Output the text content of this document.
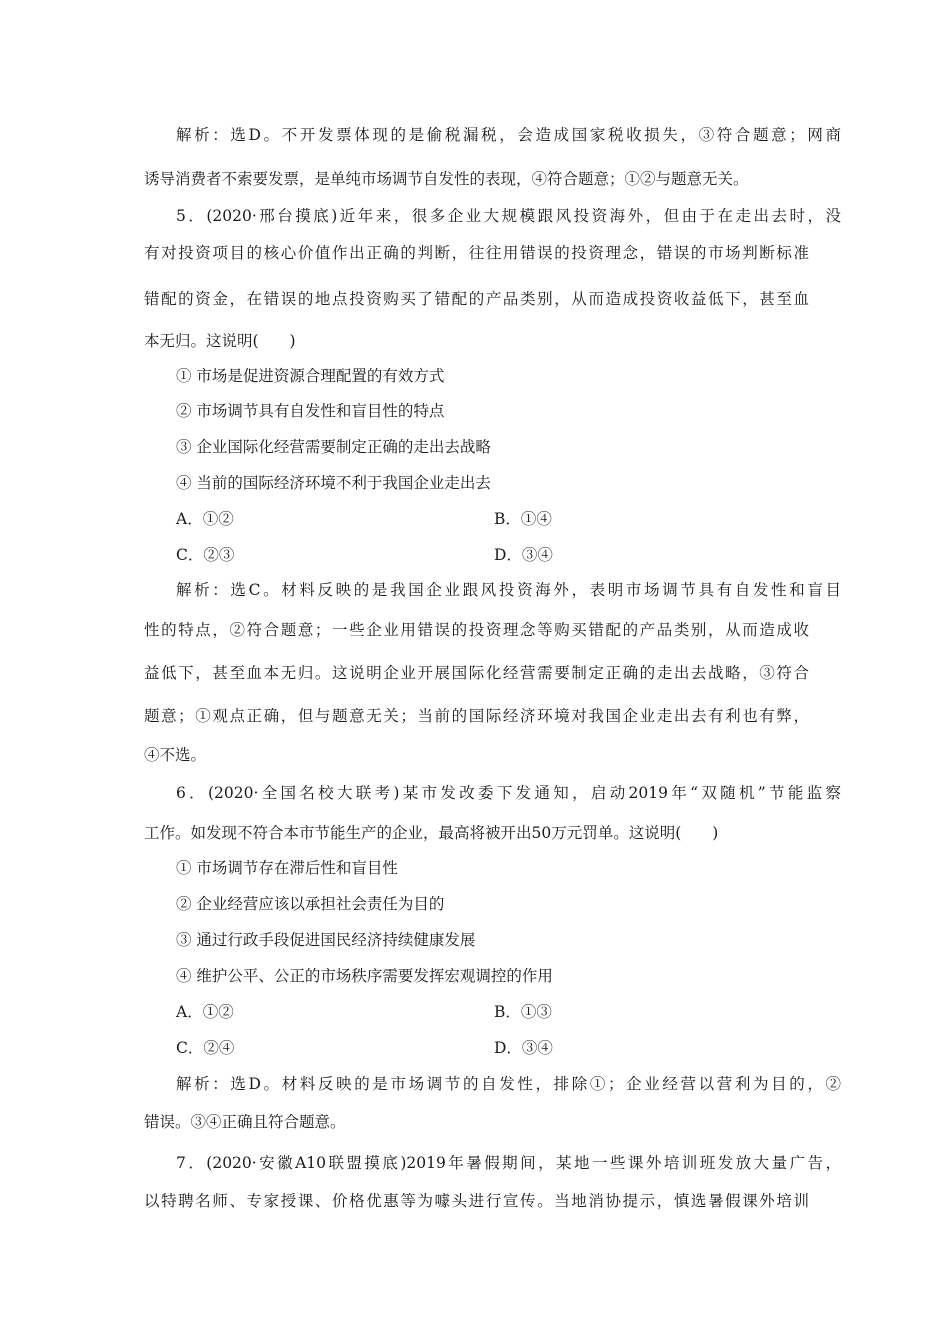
解析：选D。不开发票体现的是偷税漏税，会造成国家税收损失，③符合题意；网商
诱导消费者不索要发票，是单纯市场调节自发性的表现，④符合题意；①②与题意无关。
5．(2020·邢台摸底)近年来，很多企业大规模跟风投资海外，但由于在走出去时，没
有对投资项目的核心价值作出正确的判断，往往用错误的投资理念，错误的市场判断标准
错配的资金，在错误的地点投资购买了错配的产品类别，从而造成投资收益低下，甚至血
本无归。这说明(　　)
① 市场是促进资源合理配置的有效方式
② 市场调节具有自发性和盲目性的特点
③ 企业国际化经营需要制定正确的走出去战略
④ 当前的国际经济环境不利于我国企业走出去
A．①②	B．①④
C．②③	D．③④
解析：选C。材料反映的是我国企业跟风投资海外，表明市场调节具有自发性和盲目
性的特点，②符合题意；一些企业用错误的投资理念等购买错配的产品类别，从而造成收
益低下，甚至血本无归。这说明企业开展国际化经营需要制定正确的走出去战略，③符合
题意；①观点正确，但与题意无关；当前的国际经济环境对我国企业走出去有利也有弊，
④不选。
6．(2020·全国名校大联考)某市发改委下发通知，启动2019年“双随机”节能监察
工作。如发现不符合本市节能生产的企业，最高将被开出50万元罚单。这说明(　　)
① 市场调节存在滞后性和盲目性
② 企业经营应该以承担社会责任为目的
③ 通过行政手段促进国民经济持续健康发展
④ 维护公平、公正的市场秩序需要发挥宏观调控的作用
A．①②	B．①③
C．②④	D．③④
解析：选D。材料反映的是市场调节的自发性，排除①；企业经营以营利为目的，②
错误。③④正确且符合题意。
7．(2020·安徽A10联盟摸底)2019年暑假期间，某地一些课外培训班发放大量广告，
以特聘名师、专家授课、价格优惠等为噱头进行宣传。当地消协提示，慎选暑假课外培训
